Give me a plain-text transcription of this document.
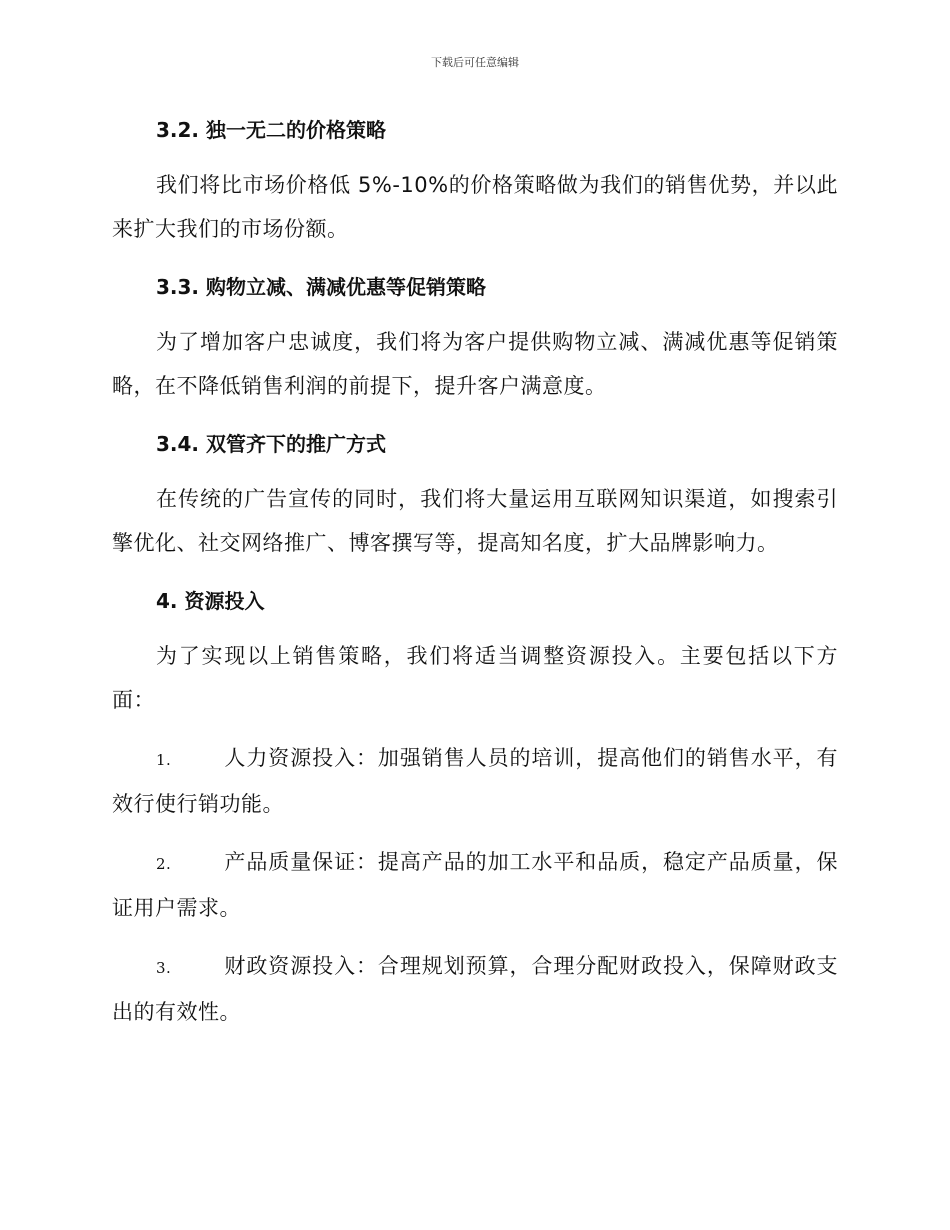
下载后可任意编辑
3.2. 独一无二的价格策略

我们将比市场价格低 5%-10%的价格策略做为我们的销售优势，并以此来扩大我们的市场份额。

3.3. 购物立减、满减优惠等促销策略

为了增加客户忠诚度，我们将为客户提供购物立减、满减优惠等促销策略，在不降低销售利润的前提下，提升客户满意度。

3.4. 双管齐下的推广方式

在传统的广告宣传的同时，我们将大量运用互联网知识渠道，如搜索引擎优化、社交网络推广、博客撰写等，提高知名度，扩大品牌影响力。

4. 资源投入

为了实现以上销售策略，我们将适当调整资源投入。主要包括以下方面：

1.	人力资源投入：加强销售人员的培训，提高他们的销售水平，有效行使行销功能。

2.	产品质量保证：提高产品的加工水平和品质，稳定产品质量，保证用户需求。

3.	财政资源投入：合理规划预算，合理分配财政投入，保障财政支出的有效性。
